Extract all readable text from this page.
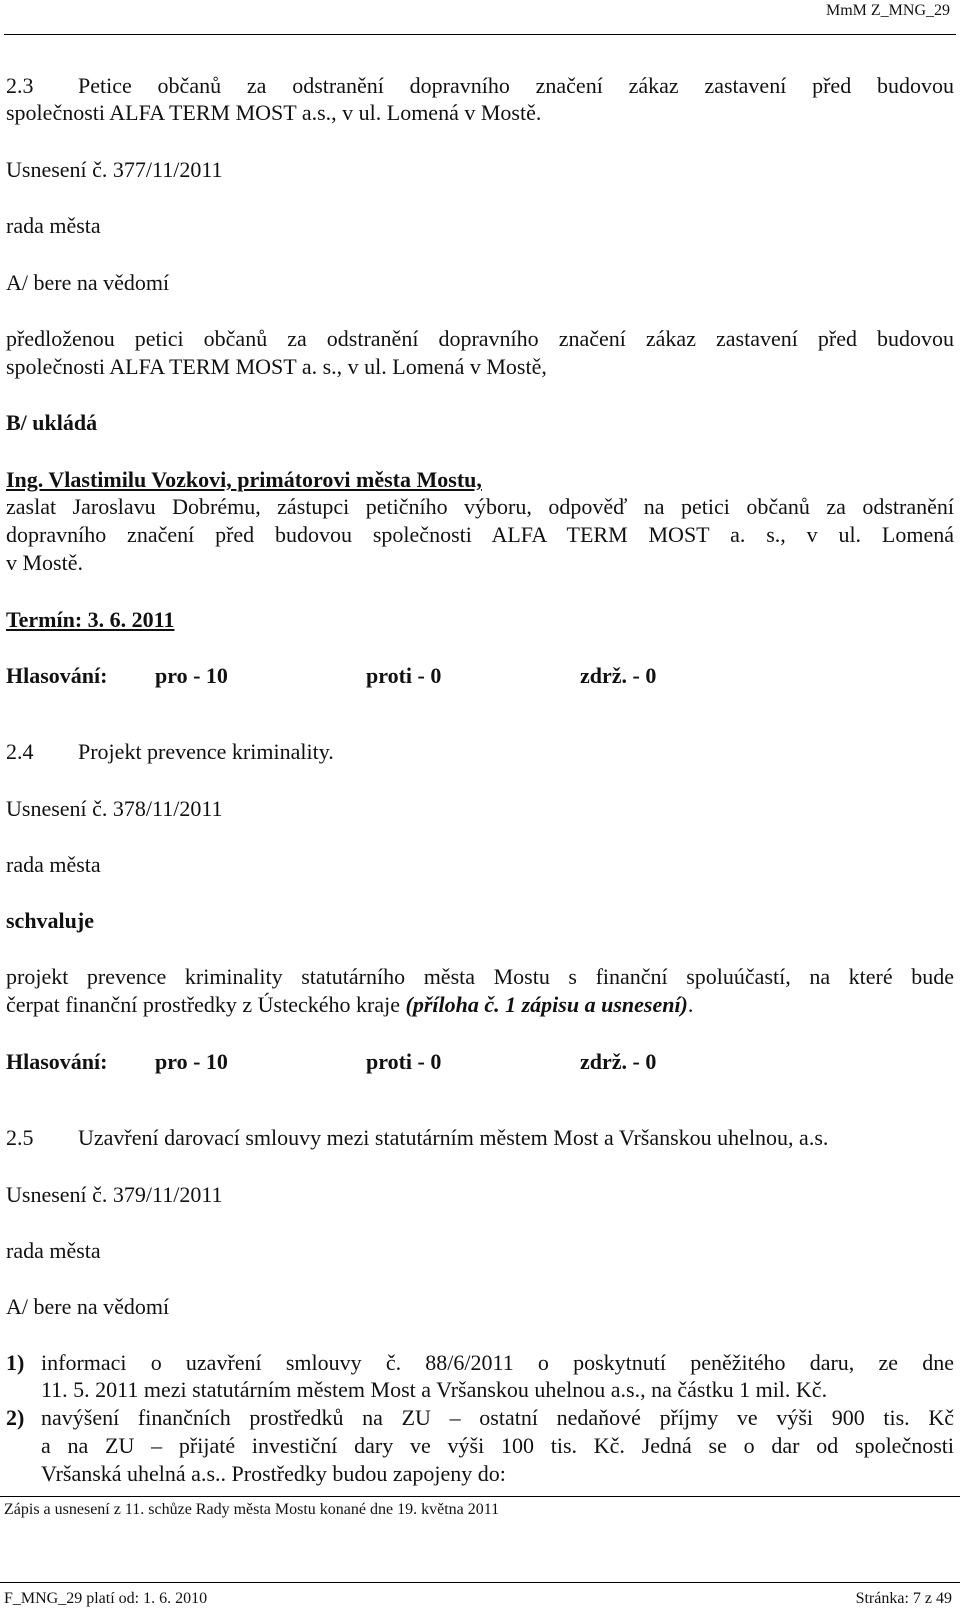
MmM Z_MNG_29
2.3 Petice občanů za odstranění dopravního značení zákaz zastavení před budovou
společnosti ALFA TERM MOST a.s., v ul. Lomená v Mostě.
Usnesení č. 377/11/2011
rada města
A/ bere na vědomí
předloženou petici občanů za odstranění dopravního značení zákaz zastavení před budovou
společnosti ALFA TERM MOST a. s., v ul. Lomená v Mostě,
B/ ukládá
Ing. Vlastimilu Vozkovi, primátorovi města Mostu,
zaslat Jaroslavu Dobrému, zástupci petičního výboru, odpověď na petici občanů za odstranění
dopravního značení před budovou společnosti ALFA TERM MOST a. s., v ul. Lomená
v Mostě.
Termín: 3. 6. 2011
Hlasování: pro - 10	proti - 0	zdrž. - 0
2.4 Projekt prevence kriminality.
Usnesení č. 378/11/2011
rada města
schvaluje
projekt prevence kriminality statutárního města Mostu s finanční spoluúčastí, na které bude
čerpat finanční prostředky z Ústeckého kraje (příloha č. 1 zápisu a usnesení).
Hlasování: pro - 10	proti - 0	zdrž. - 0
2.5 Uzavření darovací smlouvy mezi statutárním městem Most a Vršanskou uhelnou, a.s.
Usnesení č. 379/11/2011
rada města
A/ bere na vědomí
1) informaci o uzavření smlouvy č. 88/6/2011 o poskytnutí peněžitého daru, ze dne
11. 5. 2011 mezi statutárním městem Most a Vršanskou uhelnou a.s., na částku 1 mil. Kč.
2) navýšení finančních prostředků na ZU – ostatní nedaňové příjmy ve výši 900 tis. Kč
a na ZU – přijaté investiční dary ve výši 100 tis. Kč. Jedná se o dar od společnosti
Vršanská uhelná a.s.. Prostředky budou zapojeny do:
Zápis a usnesení z 11. schůze Rady města Mostu konané dne 19. května 2011
F_MNG_29 platí od: 1. 6. 2010	Stránka: 7 z 49
